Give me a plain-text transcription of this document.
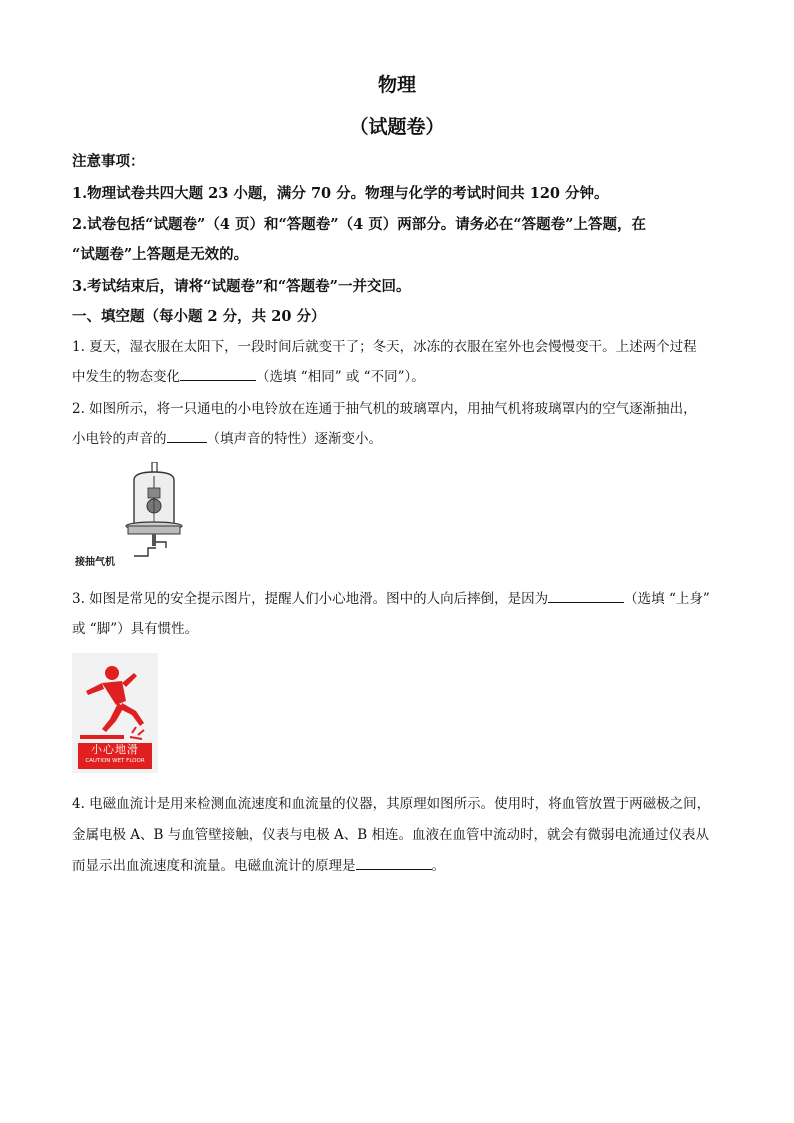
物理
（试题卷）
注意事项：
1.物理试卷共四大题 23 小题，满分 70 分。物理与化学的考试时间共 120 分钟。
2.试卷包括“试题卷”（4 页）和“答题卷”（4 页）两部分。请务必在“答题卷”上答题，在
“试题卷”上答题是无效的。
3.考试结束后，请将“试题卷”和“答题卷”一并交回。
一、填空题（每小题 2 分，共 20 分）
1. 夏天，湿衣服在太阳下，一段时间后就变干了；冬天，冰冻的衣服在室外也会慢慢变干。上述两个过程
中发生的物态变化	（选填 “相同” 或 “不同”）。
2. 如图所示，将一只通电的小电铃放在连通于抽气机的玻璃罩内，用抽气机将玻璃罩内的空气逐渐抽出，
小电铃的声音的	（填声音的特性）逐渐变小。
接抽气机
3. 如图是常见的安全提示图片，提醒人们小心地滑。图中的人向后摔倒，是因为	（选填 “上身”
或 “脚”）具有惯性。
小心地滑
CAUTION WET FLOOR
4. 电磁血流计是用来检测血流速度和血流量的仪器，其原理如图所示。使用时，将血管放置于两磁极之间，
金属电极 A、B 与血管壁接触，仪表与电极 A、B 相连。血液在血管中流动时，就会有微弱电流通过仪表从
而显示出血流速度和流量。电磁血流计的原理是	。
